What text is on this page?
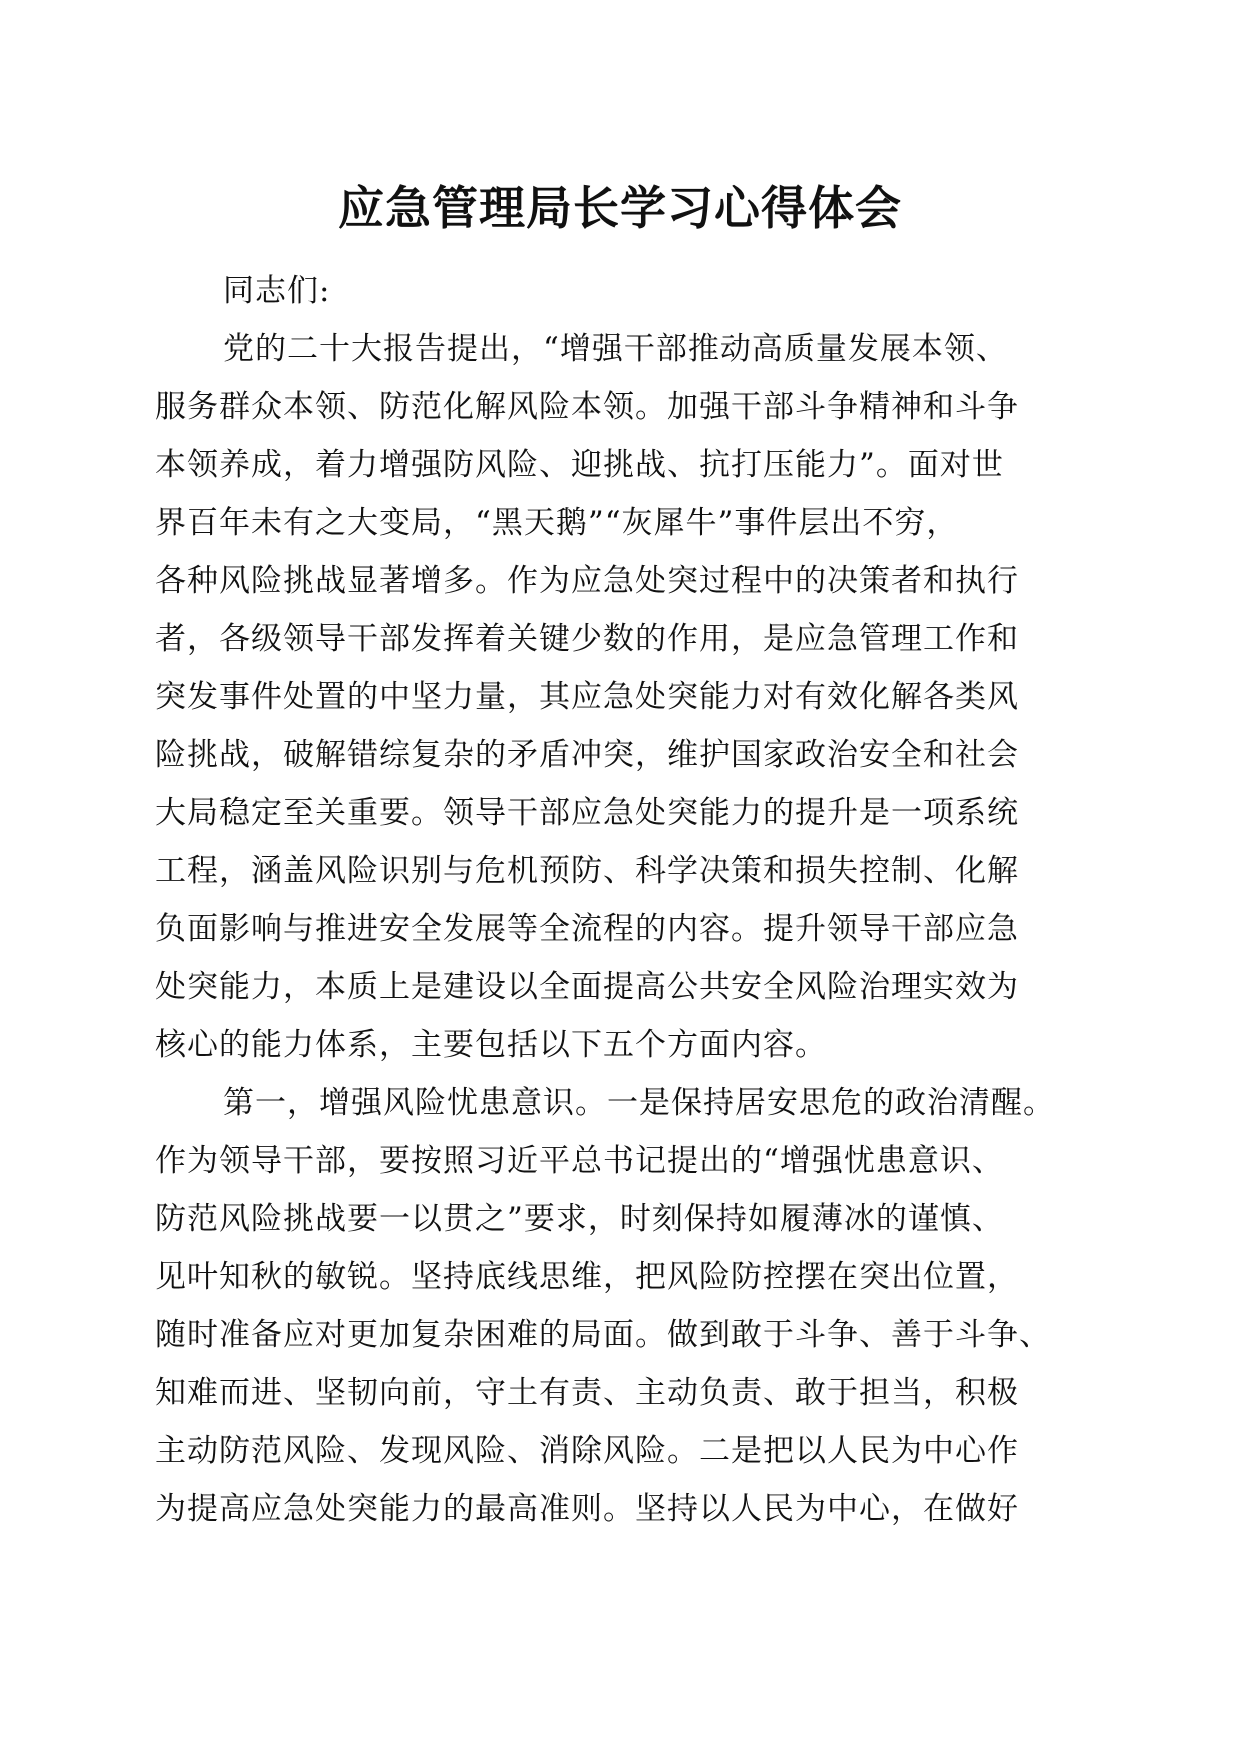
应急管理局长学习心得体会
同志们:
党的二十大报告提出，“增强干部推动高质量发展本领、
服务群众本领、防范化解风险本领。加强干部斗争精神和斗争
本领养成，着力增强防风险、迎挑战、抗打压能力”。面对世
界百年未有之大变局，“黑天鹅”“灰犀牛”事件层出不穷，
各种风险挑战显著增多。作为应急处突过程中的决策者和执行
者，各级领导干部发挥着关键少数的作用，是应急管理工作和
突发事件处置的中坚力量，其应急处突能力对有效化解各类风
险挑战，破解错综复杂的矛盾冲突，维护国家政治安全和社会
大局稳定至关重要。领导干部应急处突能力的提升是一项系统
工程，涵盖风险识别与危机预防、科学决策和损失控制、化解
负面影响与推进安全发展等全流程的内容。提升领导干部应急
处突能力，本质上是建设以全面提高公共安全风险治理实效为
核心的能力体系，主要包括以下五个方面内容。
第一，增强风险忧患意识。一是保持居安思危的政治清醒。
作为领导干部，要按照习近平总书记提出的“增强忧患意识、
防范风险挑战要一以贯之”要求，时刻保持如履薄冰的谨慎、
见叶知秋的敏锐。坚持底线思维，把风险防控摆在突出位置，
随时准备应对更加复杂困难的局面。做到敢于斗争、善于斗争、
知难而进、坚韧向前，守土有责、主动负责、敢于担当，积极
主动防范风险、发现风险、消除风险。二是把以人民为中心作
为提高应急处突能力的最高准则。坚持以人民为中心，在做好
